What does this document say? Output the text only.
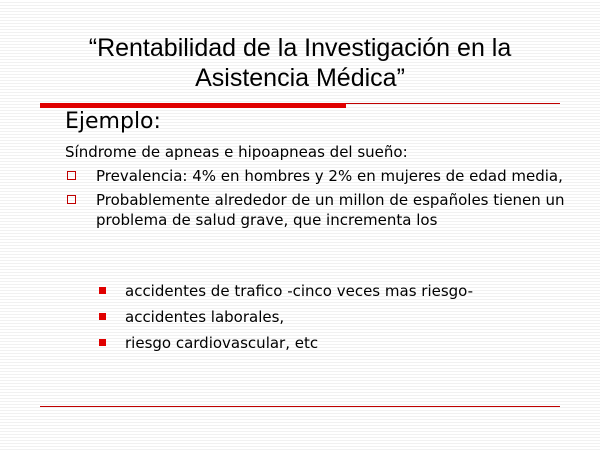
“Rentabilidad de la Investigación en la
Asistencia Médica”
Ejemplo:
Síndrome de apneas e hipoapneas del sueño:
Prevalencia: 4% en hombres y 2% en mujeres de edad media,
Probablemente alrededor de un millon de españoles tienen un problema de salud grave, que incrementa los
accidentes de trafico -cinco veces mas riesgo-
accidentes laborales,
riesgo cardiovascular, etc
